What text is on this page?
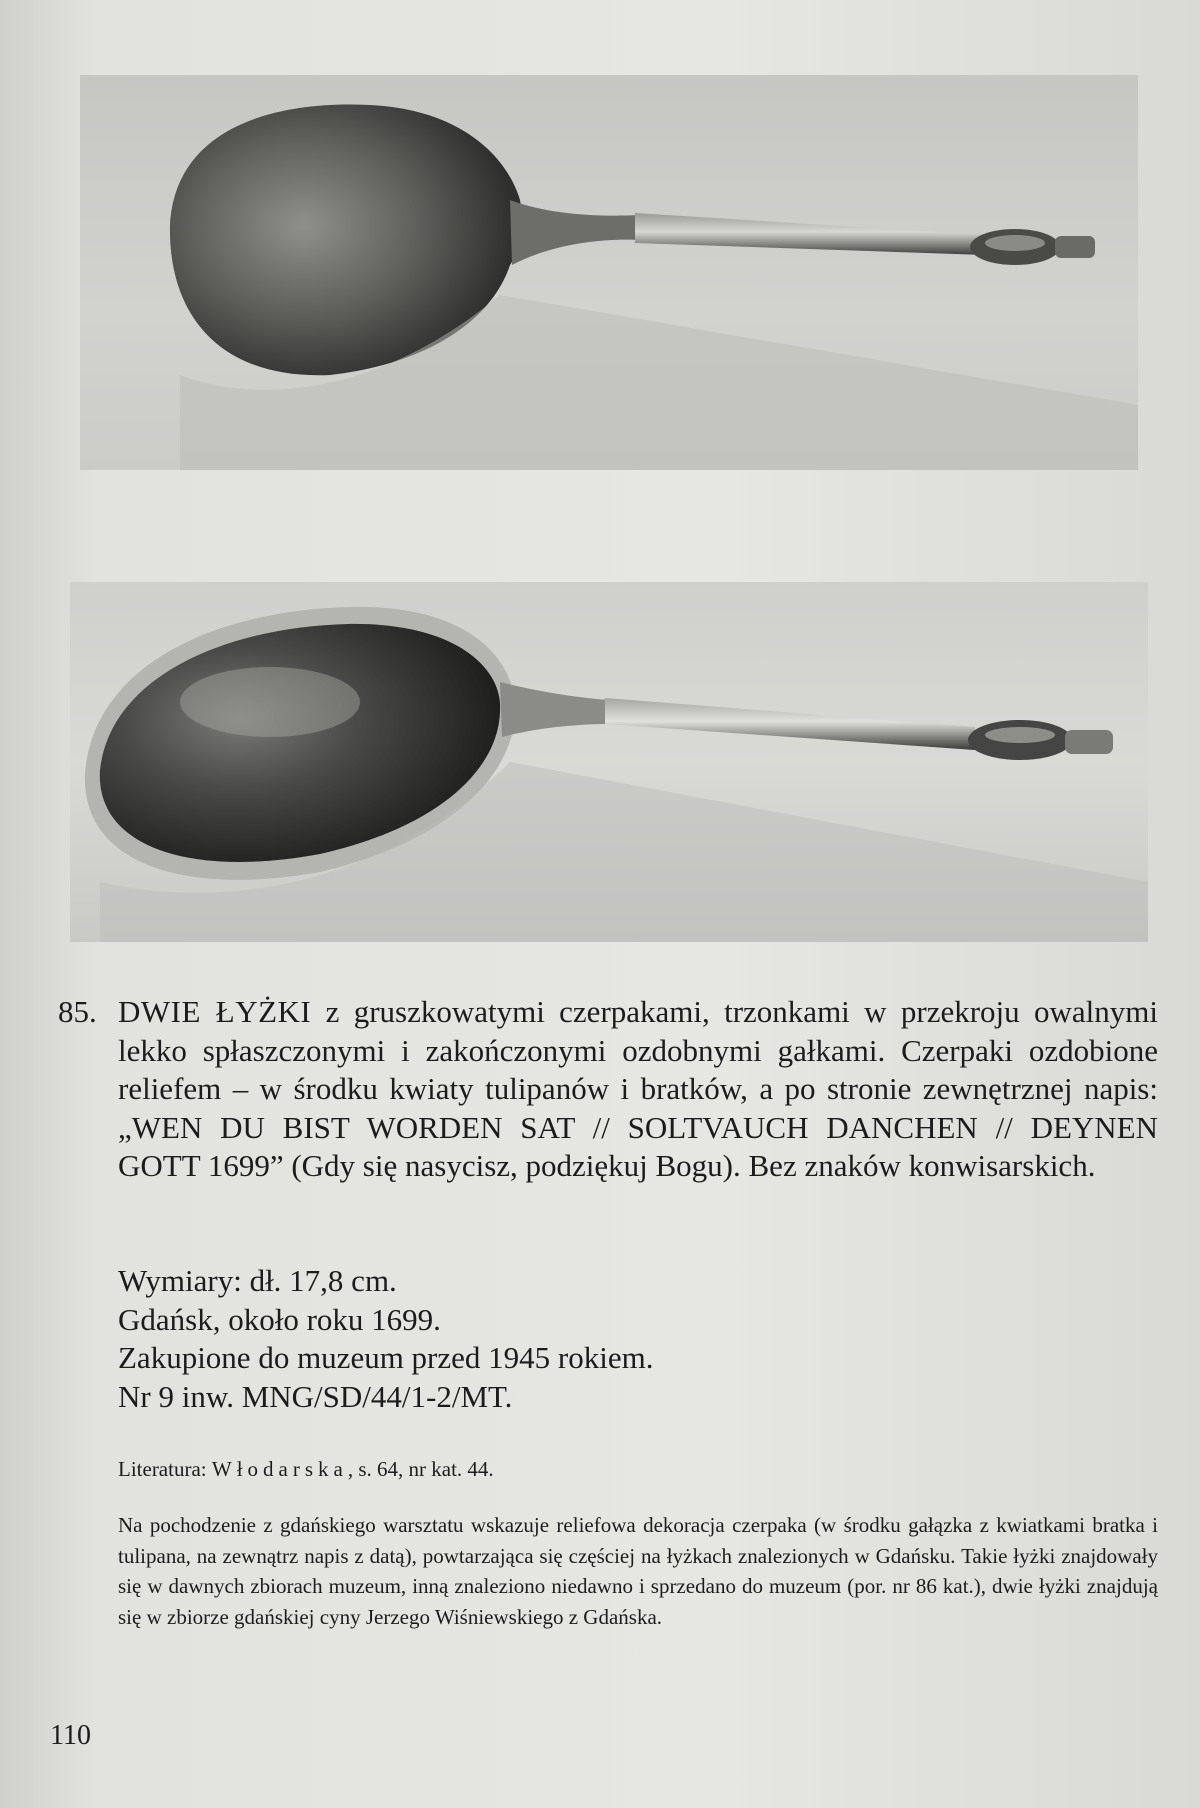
85. DWIE ŁYŻKI z gruszkowatymi czerpakami, trzonkami w przekroju owalnymi lekko spłaszczonymi i zakończonymi ozdobnymi gałkami. Czerpaki ozdobione reliefem – w środku kwiaty tulipanów i bratków, a po stronie zewnętrznej napis: „WEN DU BIST WORDEN SAT // SOLTVAUCH DANCHEN // DEYNEN GOTT 1699” (Gdy się nasycisz, podziękuj Bogu). Bez znaków konwisarskich.
Wymiary: dł. 17,8 cm.
Gdańsk, około roku 1699.
Zakupione do muzeum przed 1945 rokiem.
Nr 9 inw. MNG/SD/44/1-2/MT.
Literatura: Włodarska, s. 64, nr kat. 44.
Na pochodzenie z gdańskiego warsztatu wskazuje reliefowa dekoracja czerpaka (w środku gałązka z kwiatkami bratka i tulipana, na zewnątrz napis z datą), powtarzająca się częściej na łyżkach znalezionych w Gdańsku. Takie łyżki znajdowały się w dawnych zbiorach muzeum, inną znaleziono niedawno i sprzedano do muzeum (por. nr 86 kat.), dwie łyżki znajdują się w zbiorze gdańskiej cyny Jerzego Wiśniewskiego z Gdańska.
110
